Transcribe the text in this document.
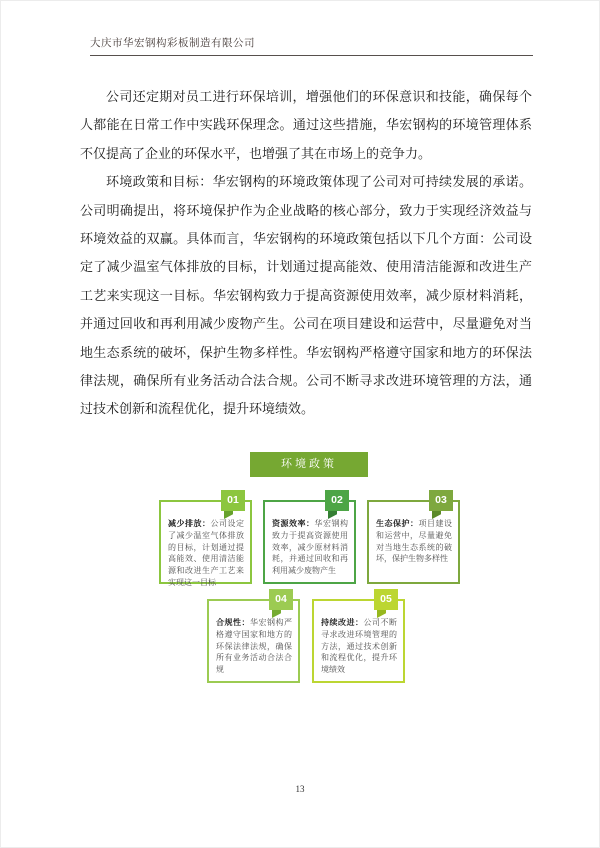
大庆市华宏钢构彩板制造有限公司

公司还定期对员工进行环保培训，增强他们的环保意识和技能，确保每个人都能在日常工作中实践环保理念。通过这些措施，华宏钢构的环境管理体系不仅提高了企业的环保水平，也增强了其在市场上的竞争力。

环境政策和目标：华宏钢构的环境政策体现了公司对可持续发展的承诺。公司明确提出，将环境保护作为企业战略的核心部分，致力于实现经济效益与环境效益的双赢。具体而言，华宏钢构的环境政策包括以下几个方面：公司设定了减少温室气体排放的目标，计划通过提高能效、使用清洁能源和改进生产工艺来实现这一目标。华宏钢构致力于提高资源使用效率，减少原材料消耗，并通过回收和再利用减少废物产生。公司在项目建设和运营中，尽量避免对当地生态系统的破坏，保护生物多样性。华宏钢构严格遵守国家和地方的环保法律法规，确保所有业务活动合法合规。公司不断寻求改进环境管理的方法，通过技术创新和流程优化，提升环境绩效。

环境政策
01

减少排放：公司设定了减少温室气体排放的目标，计划通过提高能效、使用清洁能源和改进生产工艺来实现这一目标

02

资源效率：华宏钢构致力于提高资源使用效率，减少原材料消耗，并通过回收和再利用减少废物产生

03

生态保护：项目建设和运营中，尽量避免对当地生态系统的破坏，保护生物多样性

04

合规性：华宏钢构严格遵守国家和地方的环保法律法规，确保所有业务活动合法合规

05

持续改进：公司不断寻求改进环境管理的方法，通过技术创新和流程优化，提升环境绩效

13
